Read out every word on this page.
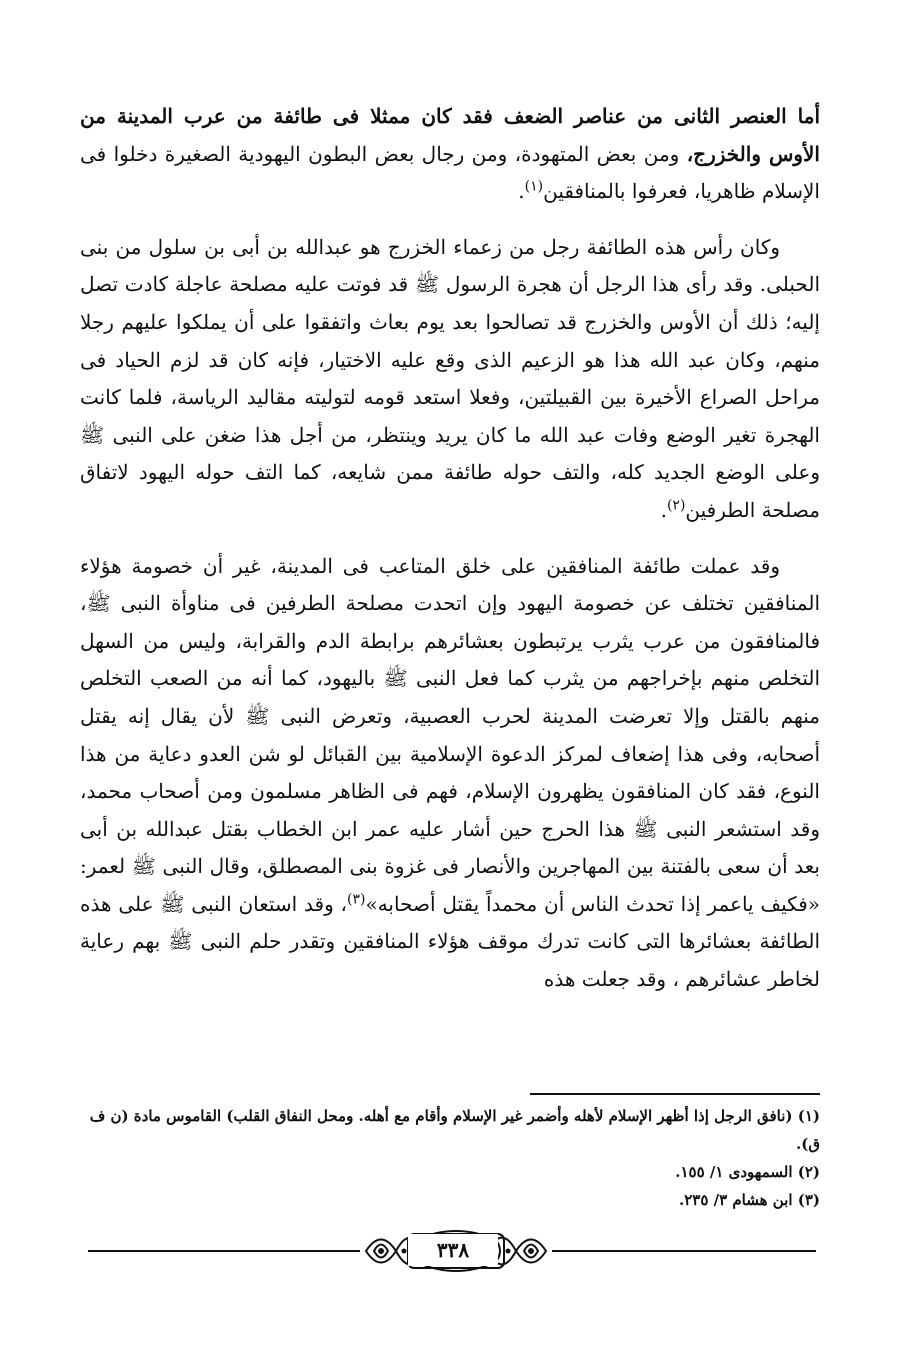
أما العنصر الثانى من عناصر الضعف فقد كان ممثلا فى طائفة من عرب المدينة من الأوس والخزرج، ومن بعض المتهودة، ومن رجال بعض البطون اليهودية الصغيرة دخلوا فى الإسلام ظاهريا، فعرفوا بالمنافقين$^{(١)}$.

وكان رأس هذه الطائفة رجل من زعماء الخزرج هو عبدالله بن أبى بن سلول من بنى الحبلى. وقد رأى هذا الرجل أن هجرة الرسول ﷺ قد فوتت عليه مصلحة عاجلة كادت تصل إليه؛ ذلك أن الأوس والخزرج قد تصالحوا بعد يوم بعاث واتفقوا على أن يملكوا عليهم رجلا منهم، وكان عبد الله هذا هو الزعيم الذى وقع عليه الاختيار، فإنه كان قد لزم الحياد فى مراحل الصراع الأخيرة بين القبيلتين، وفعلا استعد قومه لتوليته مقاليد الرياسة، فلما كانت الهجرة تغير الوضع وفات عبد الله ما كان يريد وينتظر، من أجل هذا ضغن على النبى ﷺ وعلى الوضع الجديد كله، والتف حوله طائفة ممن شايعه، كما التف حوله اليهود لاتفاق مصلحة الطرفين$^{(٢)}$.

وقد عملت طائفة المنافقين على خلق المتاعب فى المدينة، غير أن خصومة هؤلاء المنافقين تختلف عن خصومة اليهود وإن اتحدت مصلحة الطرفين فى مناوأة النبى ﷺ، فالمنافقون من عرب يثرب يرتبطون بعشائرهم برابطة الدم والقرابة، وليس من السهل التخلص منهم بإخراجهم من يثرب كما فعل النبى ﷺ باليهود، كما أنه من الصعب التخلص منهم بالقتل وإلا تعرضت المدينة لحرب العصبية، وتعرض النبى ﷺ لأن يقال إنه يقتل أصحابه، وفى هذا إضعاف لمركز الدعوة الإسلامية بين القبائل لو شن العدو دعاية من هذا النوع، فقد كان المنافقون يظهرون الإسلام، فهم فى الظاهر مسلمون ومن أصحاب محمد، وقد استشعر النبى ﷺ هذا الحرج حين أشار عليه عمر ابن الخطاب بقتل عبدالله بن أبى بعد أن سعى بالفتنة بين المهاجرين والأنصار فى غزوة بنى المصطلق، وقال النبى ﷺ لعمر: «فكيف ياعمر إذا تحدث الناس أن محمداً يقتل أصحابه»$^{(٣)}$، وقد استعان النبى ﷺ على هذه الطائفة بعشائرها التى كانت تدرك موقف هؤلاء المنافقين وتقدر حلم النبى ﷺ بهم رعاية لخاطر عشائرهم ، وقد جعلت هذه

(١) (نافق الرجل إذا أظهر الإسلام لأهله وأضمر غير الإسلام وأقام مع أهله. ومحل النفاق القلب) القاموس مادة (ن ف ق).

(٢) السمهودى ١/ ١٥٥.

(٣) ابن هشام ٣/ ٢٣٥.

٣٣٨
